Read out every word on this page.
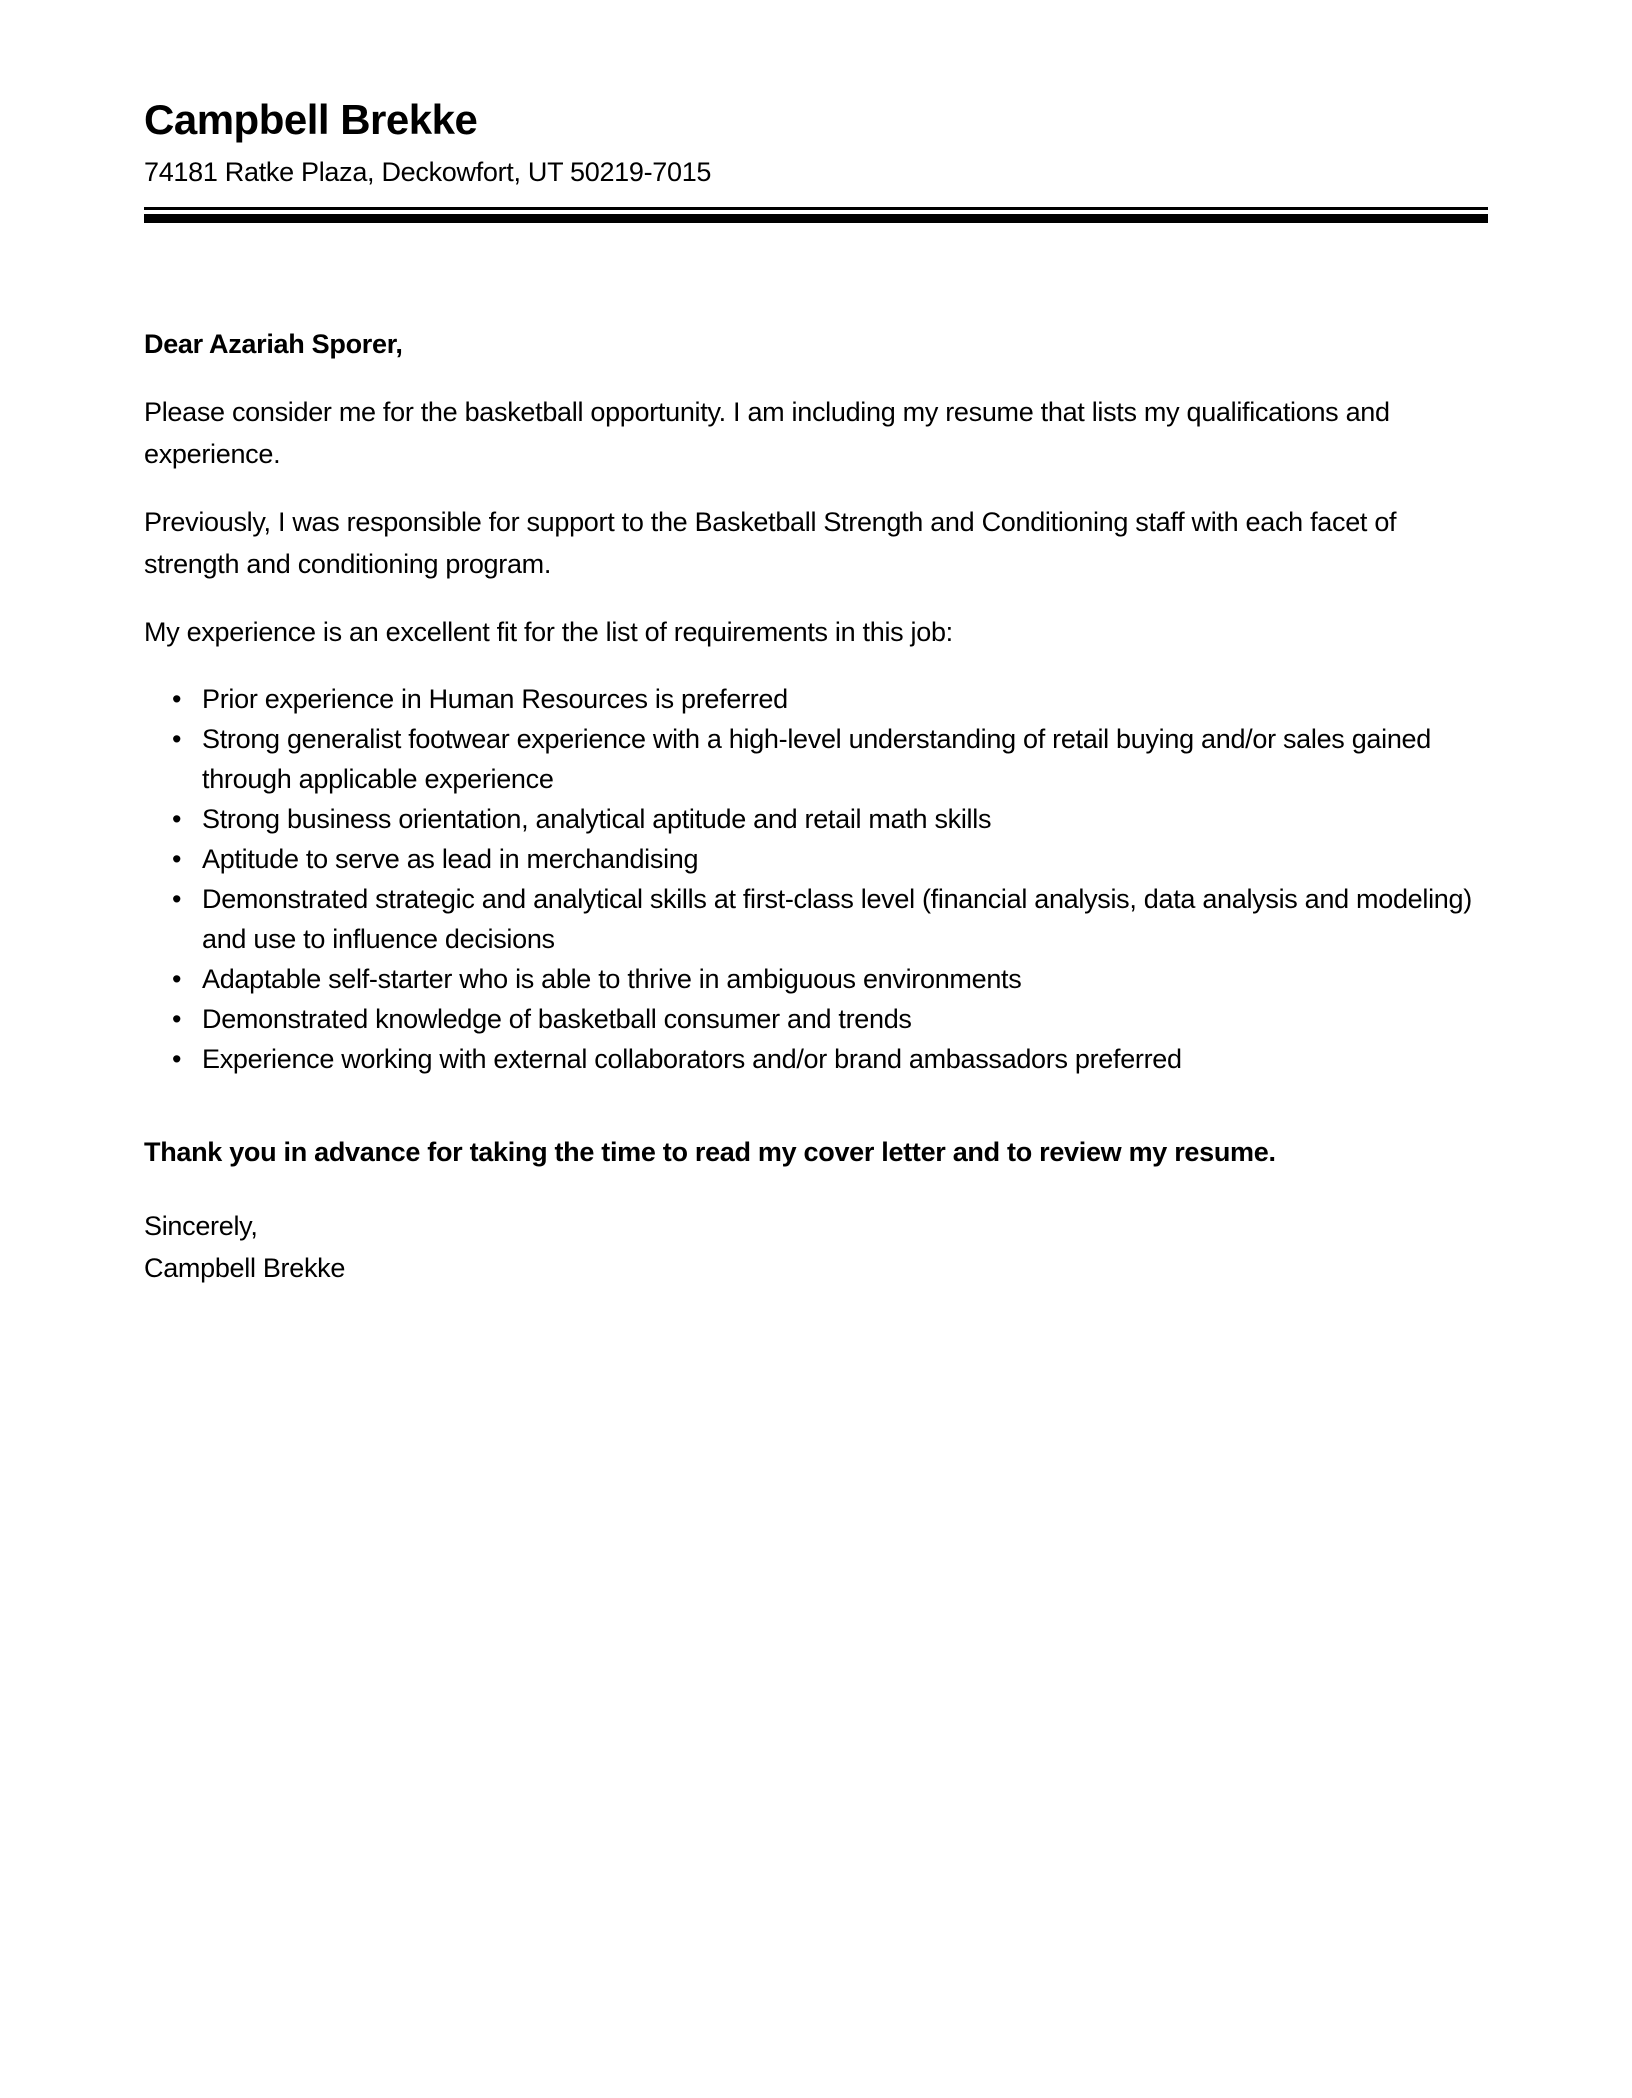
Campbell Brekke
74181 Ratke Plaza, Deckowfort, UT 50219-7015

Dear Azariah Sporer,

Please consider me for the basketball opportunity. I am including my resume that lists my qualifications and experience.

Previously, I was responsible for support to the Basketball Strength and Conditioning staff with each facet of strength and conditioning program.

My experience is an excellent fit for the list of requirements in this job:

• Prior experience in Human Resources is preferred
• Strong generalist footwear experience with a high-level understanding of retail buying and/or sales gained through applicable experience
• Strong business orientation, analytical aptitude and retail math skills
• Aptitude to serve as lead in merchandising
• Demonstrated strategic and analytical skills at first-class level (financial analysis, data analysis and modeling) and use to influence decisions
• Adaptable self-starter who is able to thrive in ambiguous environments
• Demonstrated knowledge of basketball consumer and trends
• Experience working with external collaborators and/or brand ambassadors preferred

Thank you in advance for taking the time to read my cover letter and to review my resume.

Sincerely,
Campbell Brekke
